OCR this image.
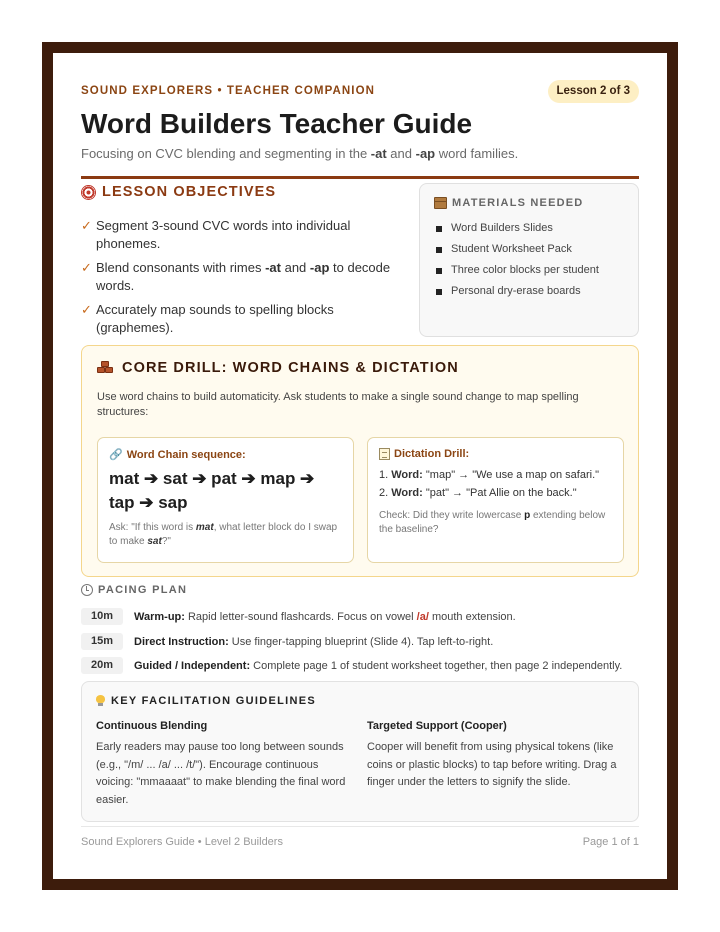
SOUND EXPLORERS • TEACHER COMPANION	Lesson 2 of 3
Word Builders Teacher Guide
Focusing on CVC blending and segmenting in the -at and -ap word families.
LESSON OBJECTIVES
✓ Segment 3-sound CVC words into individual phonemes.
✓ Blend consonants with rimes -at and -ap to decode words.
✓ Accurately map sounds to spelling blocks (graphemes).
MATERIALS NEEDED
Word Builders Slides
Student Worksheet Pack
Three color blocks per student
Personal dry-erase boards
CORE DRILL: WORD CHAINS & DICTATION
Use word chains to build automaticity. Ask students to make a single sound change to map spelling structures:
🔗 Word Chain sequence:
mat ➔ sat ➔ pat ➔ map ➔ tap ➔ sap
Ask: "If this word is mat, what letter block do I swap to make sat?"
Dictation Drill:
1. Word: "map" → "We use a map on safari."
2. Word: "pat" → "Pat Allie on the back."
Check: Did they write lowercase p extending below the baseline?
PACING PLAN
10m	Warm-up: Rapid letter-sound flashcards. Focus on vowel /a/ mouth extension.
15m	Direct Instruction: Use finger-tapping blueprint (Slide 4). Tap left-to-right.
20m	Guided / Independent: Complete page 1 of student worksheet together, then page 2 independently.
KEY FACILITATION GUIDELINES
Continuous Blending
Early readers may pause too long between sounds (e.g., "/m/ ... /a/ ... /t/"). Encourage continuous voicing: "mmaaaat" to make blending the final word easier.
Targeted Support (Cooper)
Cooper will benefit from using physical tokens (like coins or plastic blocks) to tap before writing. Drag a finger under the letters to signify the slide.
Sound Explorers Guide • Level 2 Builders	Page 1 of 1
